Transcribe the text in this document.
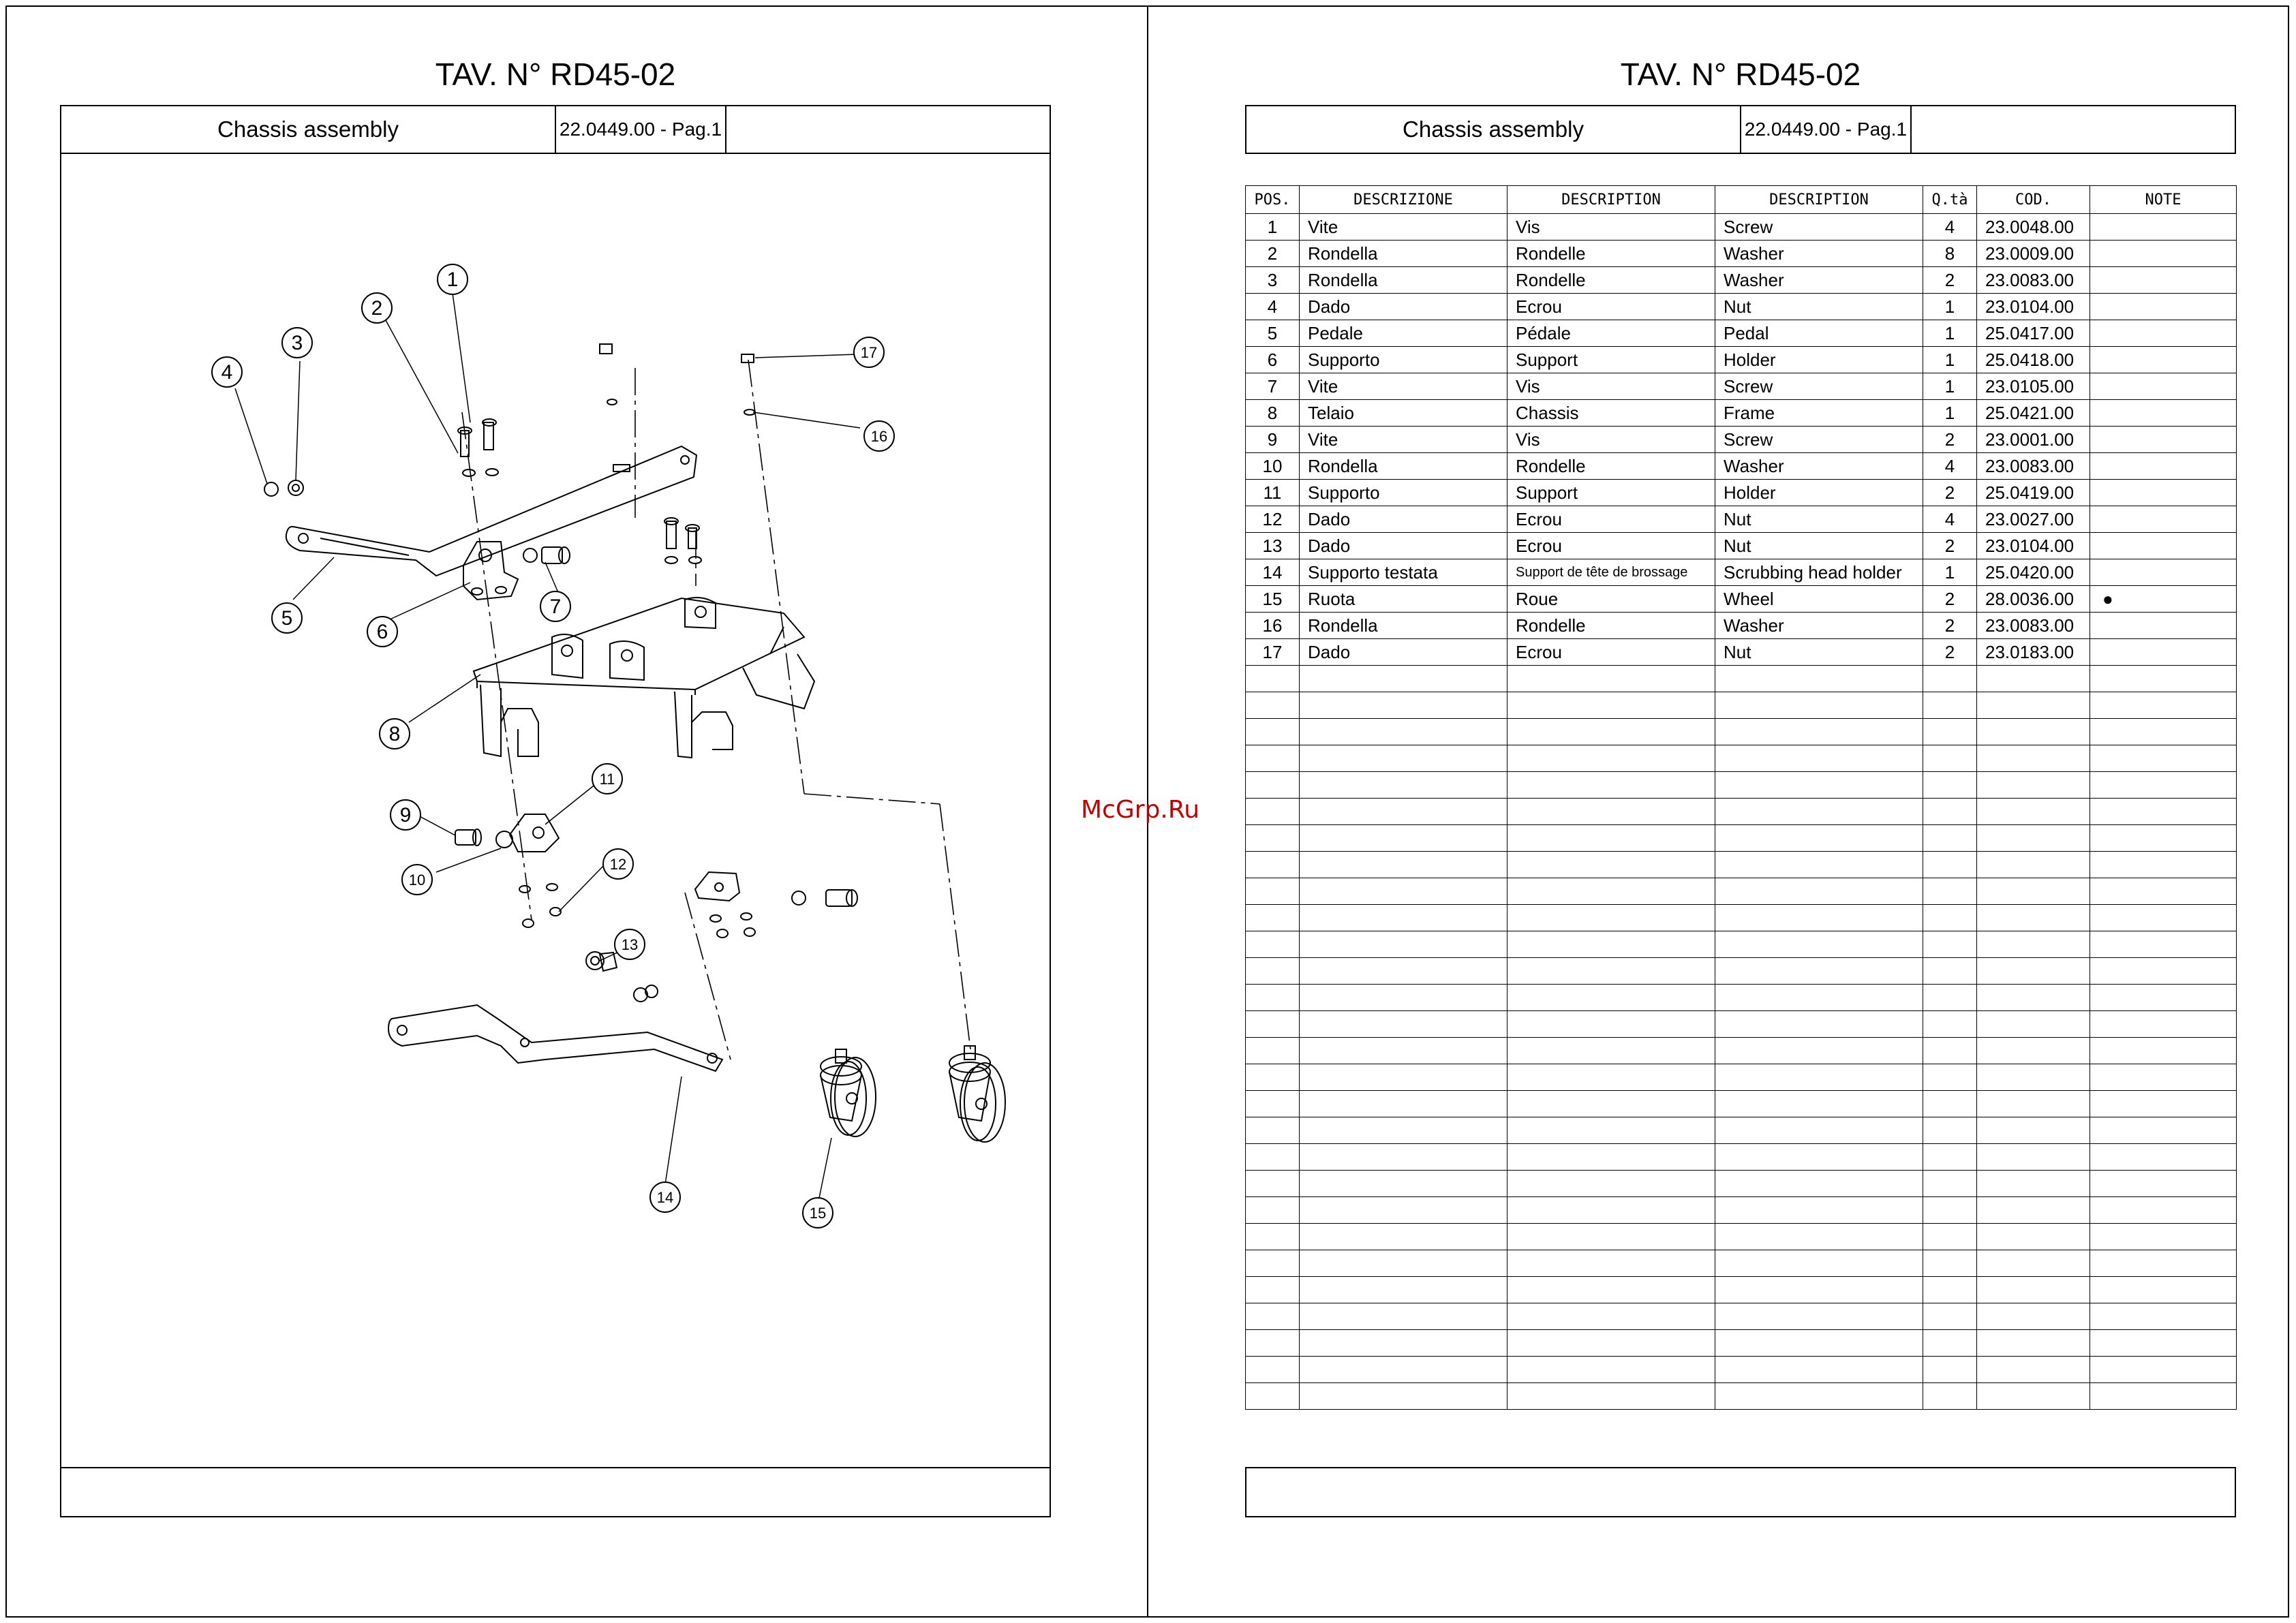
TAV. N° RD45-02
Chassis assembly	22.0449.00 - Pag.1
1
2
3
4
5
6
7
8
9
10
11
12
13
14
15
16
17
TAV. N° RD45-02
Chassis assembly	22.0449.00 - Pag.1
POS.	DESCRIZIONE	DESCRIPTION	DESCRIPTION	Q.tà	COD.	NOTE
1	Vite	Vis	Screw	4	23.0048.00	
2	Rondella	Rondelle	Washer	8	23.0009.00	
3	Rondella	Rondelle	Washer	2	23.0083.00	
4	Dado	Ecrou	Nut	1	23.0104.00	
5	Pedale	Pédale	Pedal	1	25.0417.00	
6	Supporto	Support	Holder	1	25.0418.00	
7	Vite	Vis	Screw	1	23.0105.00	
8	Telaio	Chassis	Frame	1	25.0421.00	
9	Vite	Vis	Screw	2	23.0001.00	
10	Rondella	Rondelle	Washer	4	23.0083.00	
11	Supporto	Support	Holder	2	25.0419.00	
12	Dado	Ecrou	Nut	4	23.0027.00	
13	Dado	Ecrou	Nut	2	23.0104.00	
14	Supporto testata	Support de tête de brossage	Scrubbing head holder	1	25.0420.00	
15	Ruota	Roue	Wheel	2	28.0036.00	●
16	Rondella	Rondelle	Washer	2	23.0083.00	
17	Dado	Ecrou	Nut	2	23.0183.00	

McGrp.Ru
